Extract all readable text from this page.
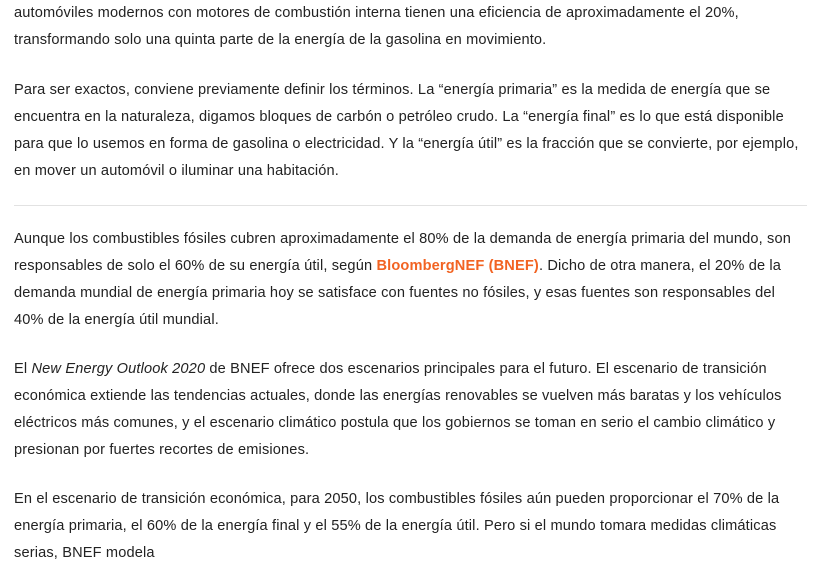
automóviles modernos con motores de combustión interna tienen una eficiencia de aproximadamente el 20%, transformando solo una quinta parte de la energía de la gasolina en movimiento.

Para ser exactos, conviene previamente definir los términos. La “energía primaria” es la medida de energía que se encuentra en la naturaleza, digamos bloques de carbón o petróleo crudo. La “energía final” es lo que está disponible para que lo usemos en forma de gasolina o electricidad. Y la “energía útil” es la fracción que se convierte, por ejemplo, en mover un automóvil o iluminar una habitación.

Aunque los combustibles fósiles cubren aproximadamente el 80% de la demanda de energía primaria del mundo, son responsables de solo el 60% de su energía útil, según BloombergNEF (BNEF). Dicho de otra manera, el 20% de la demanda mundial de energía primaria hoy se satisface con fuentes no fósiles, y esas fuentes son responsables del 40% de la energía útil mundial.

El New Energy Outlook 2020 de BNEF ofrece dos escenarios principales para el futuro. El escenario de transición económica extiende las tendencias actuales, donde las energías renovables se vuelven más baratas y los vehículos eléctricos más comunes, y el escenario climático postula que los gobiernos se toman en serio el cambio climático y presionan por fuertes recortes de emisiones.

En el escenario de transición económica, para 2050, los combustibles fósiles aún pueden proporcionar el 70% de la energía primaria, el 60% de la energía final y el 55% de la energía útil. Pero si el mundo tomara medidas climáticas serias, BNEF modela
